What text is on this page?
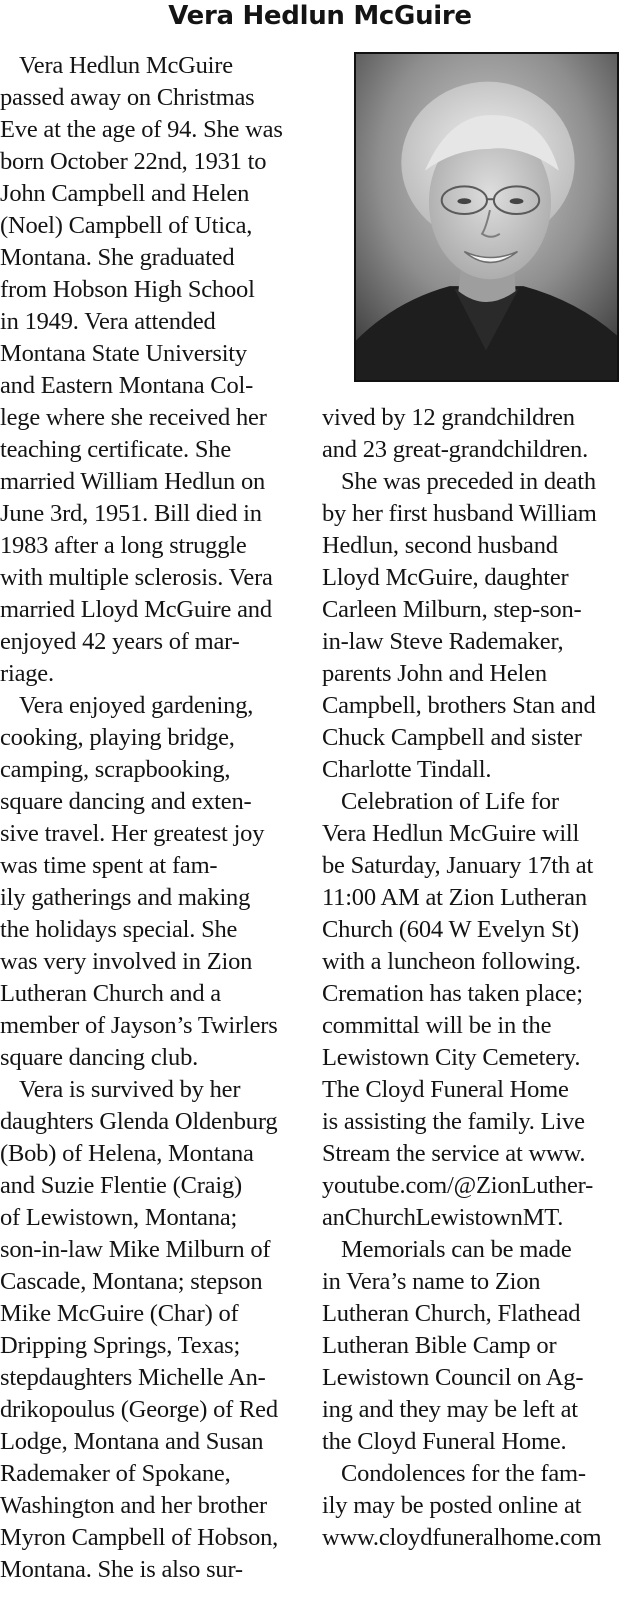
Vera Hedlun McGuire
Vera Hedlun McGuire
passed away on Christmas
Eve at the age of 94. She was
born October 22nd, 1931 to
John Campbell and Helen
(Noel) Campbell of Utica,
Montana. She graduated
from Hobson High School
in 1949. Vera attended
Montana State University
and Eastern Montana Col-
lege where she received her
teaching certificate. She
married William Hedlun on
June 3rd, 1951. Bill died in
1983 after a long struggle
with multiple sclerosis. Vera
married Lloyd McGuire and
enjoyed 42 years of mar-
riage.
Vera enjoyed gardening,
cooking, playing bridge,
camping, scrapbooking,
square dancing and exten-
sive travel. Her greatest joy
was time spent at fam-
ily gatherings and making
the holidays special. She
was very involved in Zion
Lutheran Church and a
member of Jayson’s Twirlers
square dancing club.
Vera is survived by her
daughters Glenda Oldenburg
(Bob) of Helena, Montana
and Suzie Flentie (Craig)
of Lewistown, Montana;
son-in-law Mike Milburn of
Cascade, Montana; stepson
Mike McGuire (Char) of
Dripping Springs, Texas;
stepdaughters Michelle An-
drikopoulus (George) of Red
Lodge, Montana and Susan
Rademaker of Spokane,
Washington and her brother
Myron Campbell of Hobson,
Montana. She is also sur-
vived by 12 grandchildren
and 23 great-grandchildren.
She was preceded in death
by her first husband William
Hedlun, second husband
Lloyd McGuire, daughter
Carleen Milburn, step-son-
in-law Steve Rademaker,
parents John and Helen
Campbell, brothers Stan and
Chuck Campbell and sister
Charlotte Tindall.
Celebration of Life for
Vera Hedlun McGuire will
be Saturday, January 17th at
11:00 AM at Zion Lutheran
Church (604 W Evelyn St)
with a luncheon following.
Cremation has taken place;
committal will be in the
Lewistown City Cemetery.
The Cloyd Funeral Home
is assisting the family. Live
Stream the service at www.
youtube.com/@ZionLuther-
anChurchLewistownMT.
Memorials can be made
in Vera’s name to Zion
Lutheran Church, Flathead
Lutheran Bible Camp or
Lewistown Council on Ag-
ing and they may be left at
the Cloyd Funeral Home.
Condolences for the fam-
ily may be posted online at
www.cloydfuneralhome.com
